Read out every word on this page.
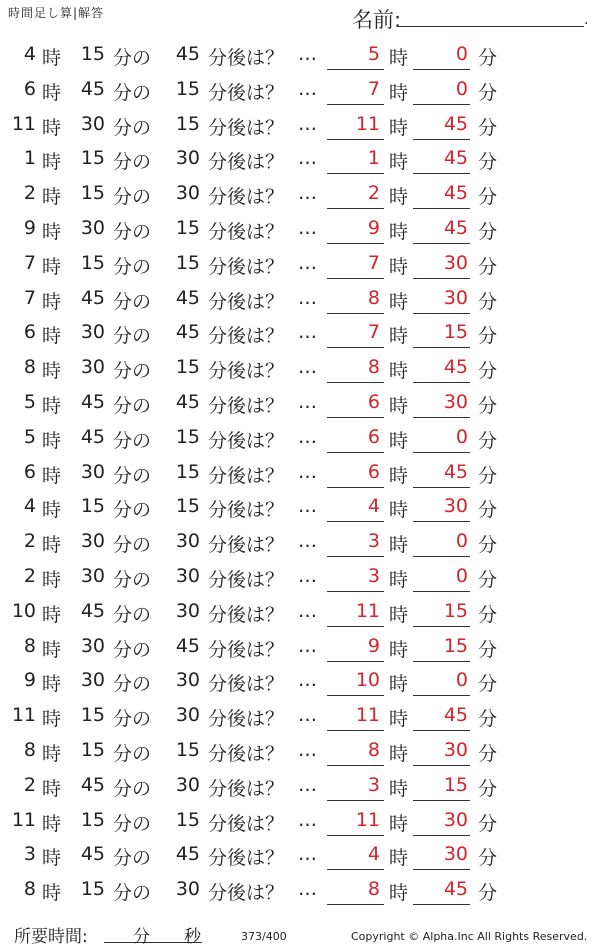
時間足し算|解答	名前:	.
4 時	15 分の	45 分後は？ …	5 時	0 分
6 時	45 分の	15 分後は？ …	7 時	0 分
11 時	30 分の	15 分後は？ …	11 時	45 分
1 時	15 分の	30 分後は？ …	1 時	45 分
2 時	15 分の	30 分後は？ …	2 時	45 分
9 時	30 分の	15 分後は？ …	9 時	45 分
7 時	15 分の	15 分後は？ …	7 時	30 分
7 時	45 分の	45 分後は？ …	8 時	30 分
6 時	30 分の	45 分後は？ …	7 時	15 分
8 時	30 分の	15 分後は？ …	8 時	45 分
5 時	45 分の	45 分後は？ …	6 時	30 分
5 時	45 分の	15 分後は？ …	6 時	0 分
6 時	30 分の	15 分後は？ …	6 時	45 分
4 時	15 分の	15 分後は？ …	4 時	30 分
2 時	30 分の	30 分後は？ …	3 時	0 分
2 時	30 分の	30 分後は？ …	3 時	0 分
10 時	45 分の	30 分後は？ …	11 時	15 分
8 時	30 分の	45 分後は？ …	9 時	15 分
9 時	30 分の	30 分後は？ …	10 時	0 分
11 時	15 分の	30 分後は？ …	11 時	45 分
8 時	15 分の	15 分後は？ …	8 時	30 分
2 時	45 分の	30 分後は？ …	3 時	15 分
11 時	15 分の	15 分後は？ …	11 時	30 分
3 時	45 分の	45 分後は？ …	4 時	30 分
8 時	15 分の	30 分後は？ …	8 時	45 分
所要時間:	分 秒	373/400	Copyright © Alpha.Inc All Rights Reserved.
